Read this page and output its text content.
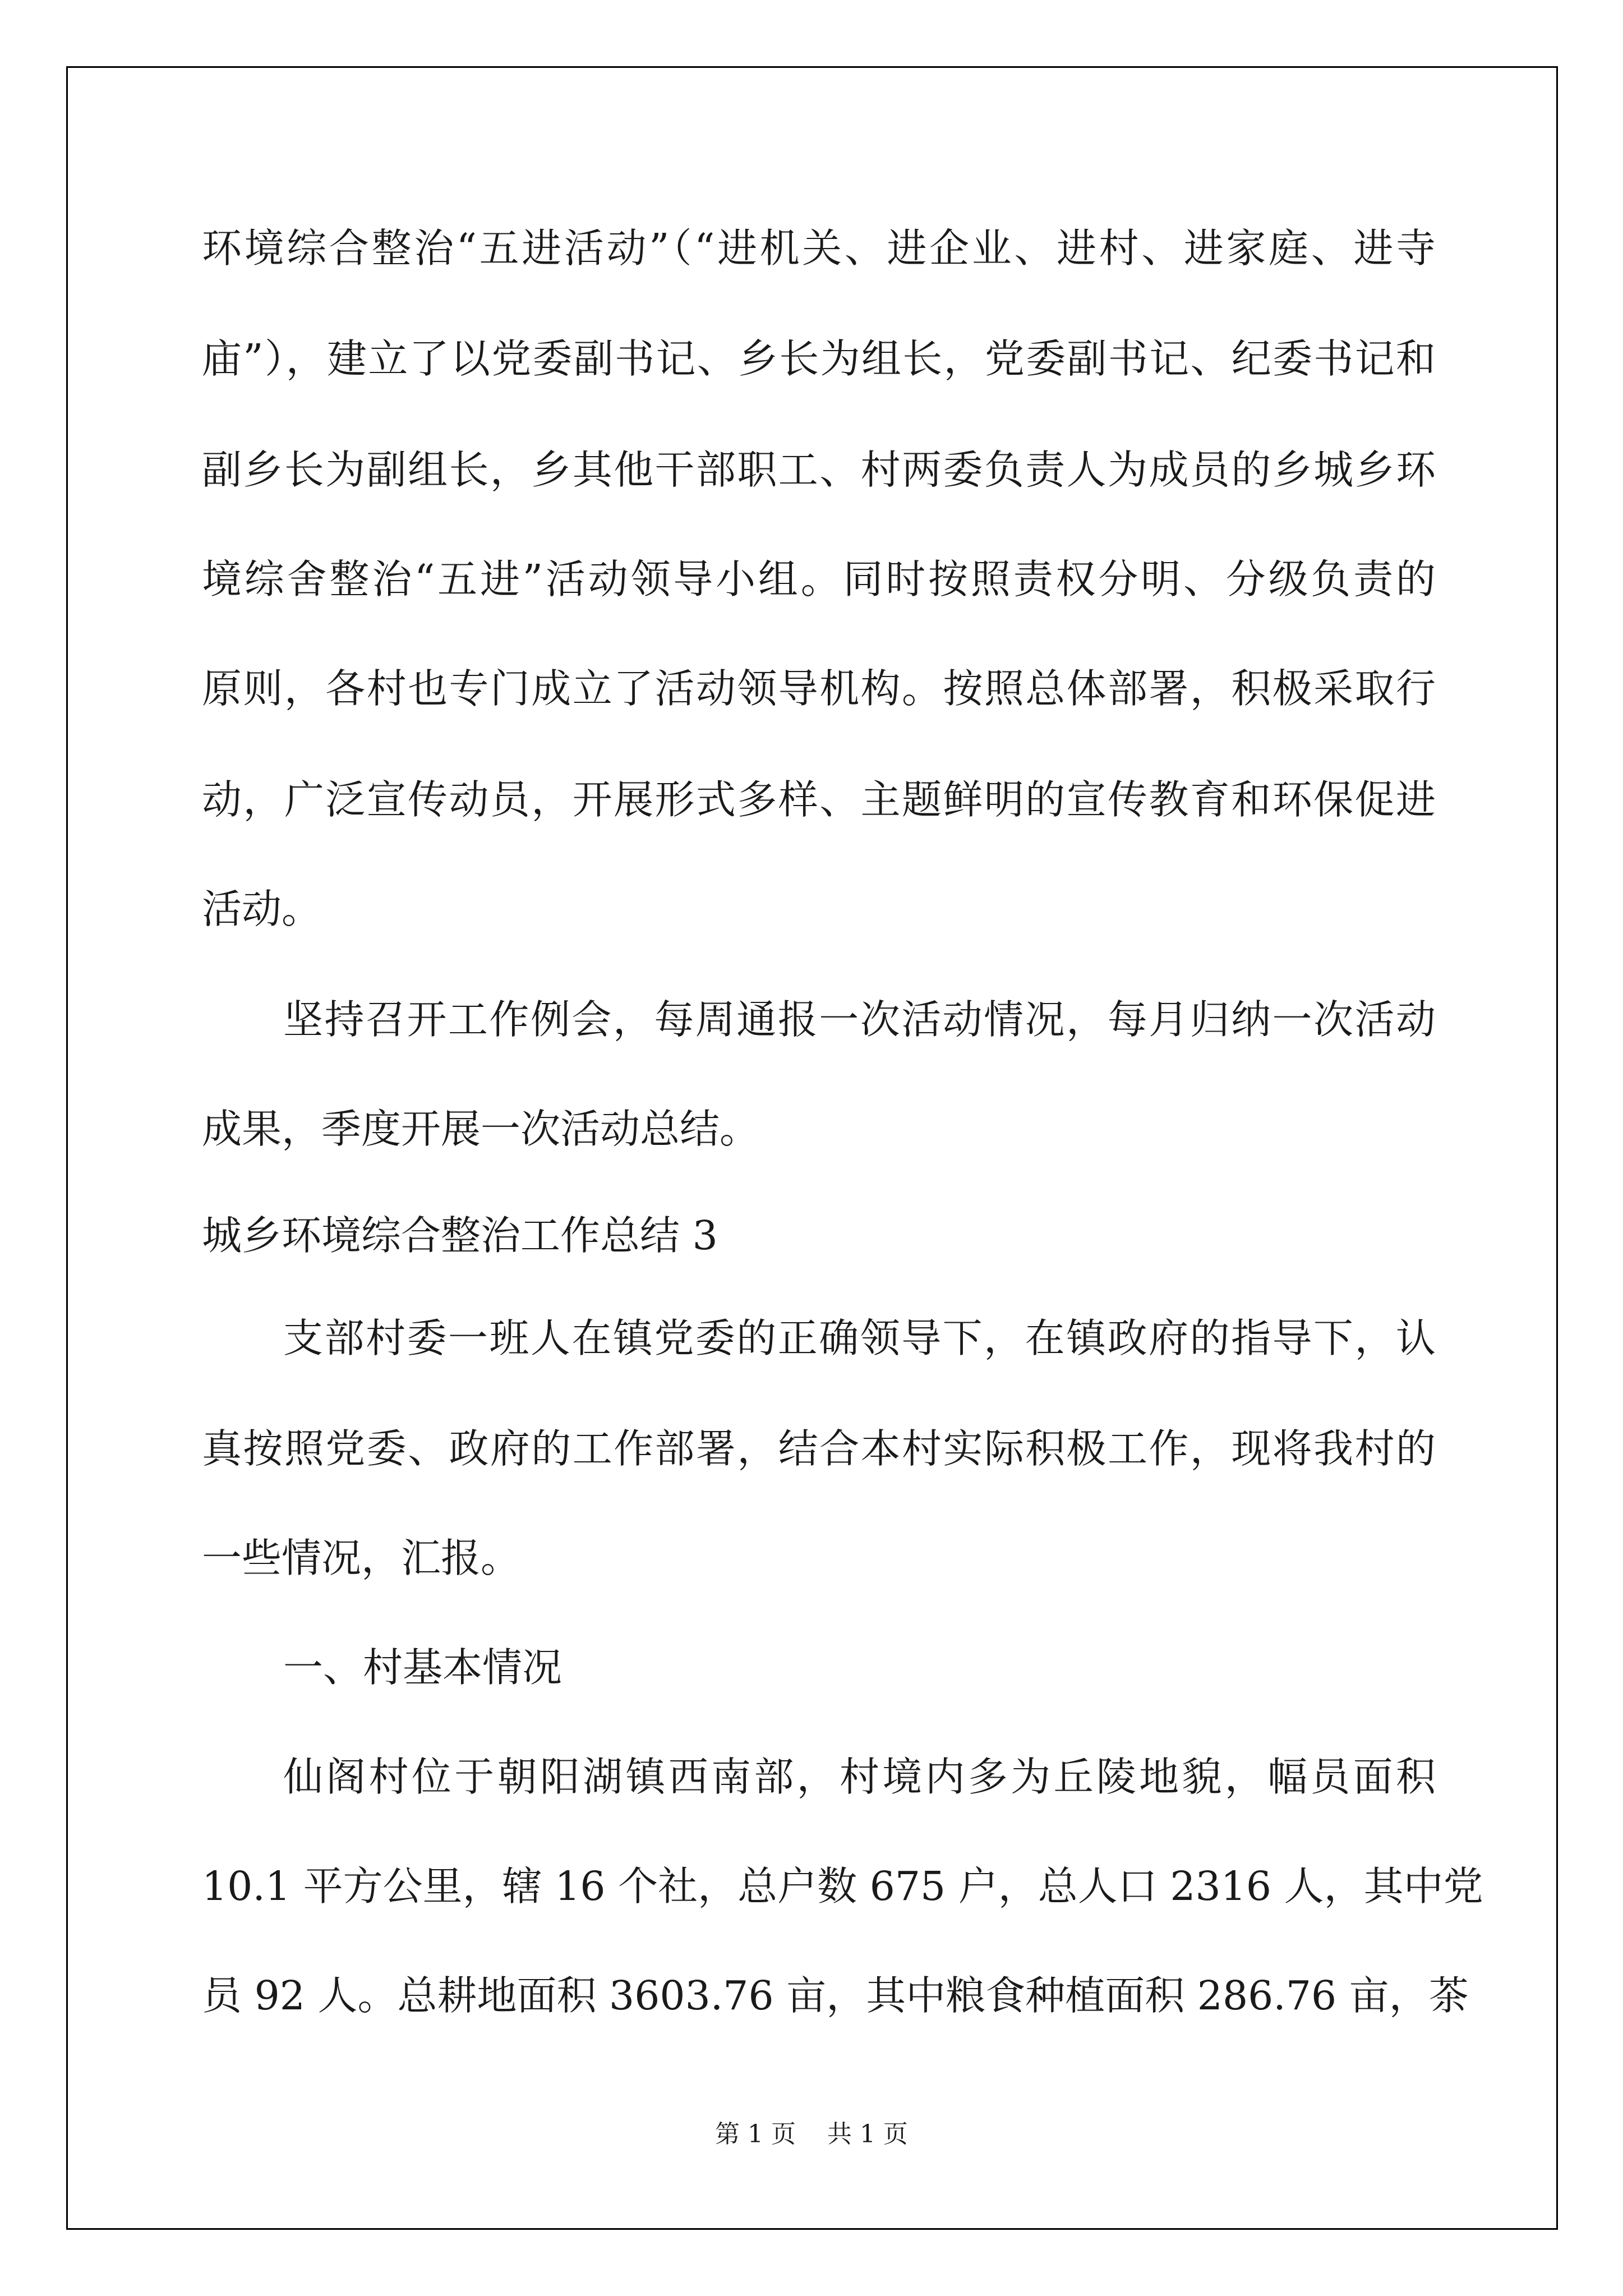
环境综合整治“五进活动”（“进机关、进企业、进村、进家庭、进寺

庙”），建立了以党委副书记、乡长为组长，党委副书记、纪委书记和

副乡长为副组长，乡其他干部职工、村两委负责人为成员的乡城乡环

境综舍整治“五进”活动领导小组。同时按照责权分明、分级负责的

原则，各村也专门成立了活动领导机构。按照总体部署，积极采取行

动，广泛宣传动员，开展形式多样、主题鲜明的宣传教育和环保促进

活动。

坚持召开工作例会，每周通报一次活动情况，每月归纳一次活动

成果，季度开展一次活动总结。

城乡环境综合整治工作总结 3

支部村委一班人在镇党委的正确领导下，在镇政府的指导下，认

真按照党委、政府的工作部署，结合本村实际积极工作，现将我村的

一些情况，汇报。

一、村基本情况

仙阁村位于朝阳湖镇西南部，村境内多为丘陵地貌，幅员面积

10.1 平方公里，辖 16 个社，总户数 675 户，总人口 2316 人，其中党

员 92 人。总耕地面积 3603.76 亩，其中粮食种植面积 286.76 亩，茶

第 1 页    共 1 页
